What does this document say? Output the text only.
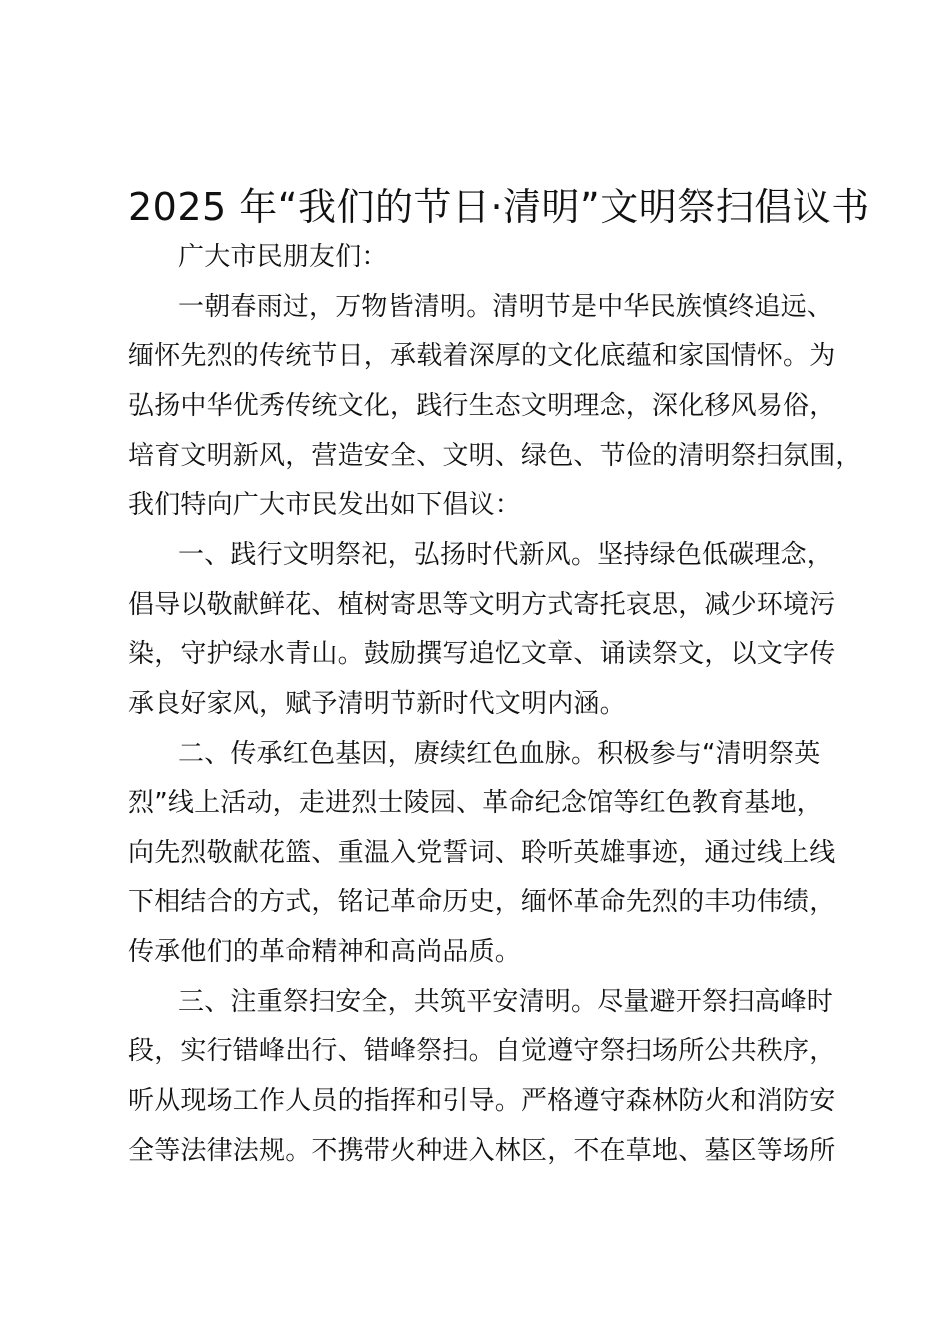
2025 年“我们的节日·清明”文明祭扫倡议书
广大市民朋友们：
一朝春雨过，万物皆清明。清明节是中华民族慎终追远、
缅怀先烈的传统节日，承载着深厚的文化底蕴和家国情怀。为
弘扬中华优秀传统文化，践行生态文明理念，深化移风易俗，
培育文明新风，营造安全、文明、绿色、节俭的清明祭扫氛围，
我们特向广大市民发出如下倡议：
一、践行文明祭祀，弘扬时代新风。坚持绿色低碳理念，
倡导以敬献鲜花、植树寄思等文明方式寄托哀思，减少环境污
染，守护绿水青山。鼓励撰写追忆文章、诵读祭文，以文字传
承良好家风，赋予清明节新时代文明内涵。
二、传承红色基因，赓续红色血脉。积极参与“清明祭英
烈”线上活动，走进烈士陵园、革命纪念馆等红色教育基地，
向先烈敬献花篮、重温入党誓词、聆听英雄事迹，通过线上线
下相结合的方式，铭记革命历史，缅怀革命先烈的丰功伟绩，
传承他们的革命精神和高尚品质。
三、注重祭扫安全，共筑平安清明。尽量避开祭扫高峰时
段，实行错峰出行、错峰祭扫。自觉遵守祭扫场所公共秩序，
听从现场工作人员的指挥和引导。严格遵守森林防火和消防安
全等法律法规。不携带火种进入林区，不在草地、墓区等场所
